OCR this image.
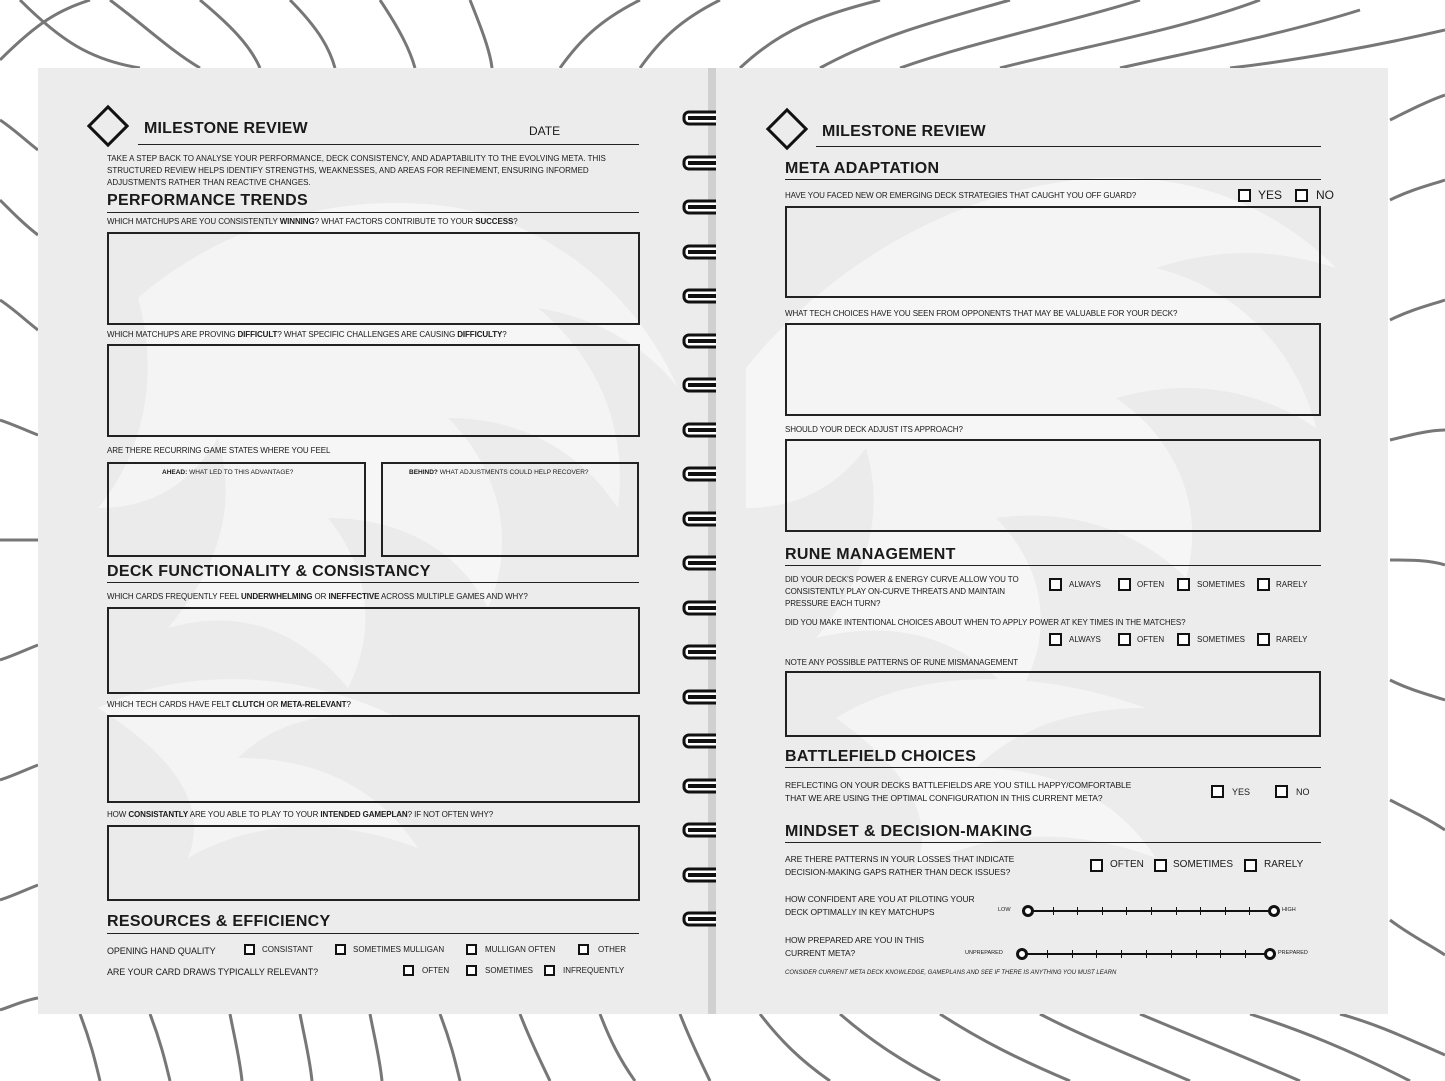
MILESTONE REVIEW	DATE
TAKE A STEP BACK TO ANALYSE YOUR PERFORMANCE, DECK CONSISTENCY, AND ADAPTABILITY TO THE EVOLVING META. THIS STRUCTURED REVIEW HELPS IDENTIFY STRENGTHS, WEAKNESSES, AND AREAS FOR REFINEMENT, ENSURING INFORMED ADJUSTMENTS RATHER THAN REACTIVE CHANGES.
PERFORMANCE TRENDS
WHICH MATCHUPS ARE YOU CONSISTENTLY WINNING? WHAT FACTORS CONTRIBUTE TO YOUR SUCCESS?
WHICH MATCHUPS ARE PROVING DIFFICULT? WHAT SPECIFIC CHALLENGES ARE CAUSING DIFFICULTY?
ARE THERE RECURRING GAME STATES WHERE YOU FEEL
AHEAD: WHAT LED TO THIS ADVANTAGE?	BEHIND? WHAT ADJUSTMENTS COULD HELP RECOVER?
DECK FUNCTIONALITY & CONSISTANCY
WHICH CARDS FREQUENTLY FEEL UNDERWHELMING OR INEFFECTIVE ACROSS MULTIPLE GAMES AND WHY?
WHICH TECH CARDS HAVE FELT CLUTCH OR META-RELEVANT?
HOW CONSISTANTLY ARE YOU ABLE TO PLAY TO YOUR INTENDED GAMEPLAN? IF NOT OFTEN WHY?
RESOURCES & EFFICIENCY
OPENING HAND QUALITY	CONSISTANT	SOMETIMES MULLIGAN	MULLIGAN OFTEN	OTHER
ARE YOUR CARD DRAWS TYPICALLY RELEVANT?	OFTEN	SOMETIMES	INFREQUENTLY
MILESTONE REVIEW
META ADAPTATION
HAVE YOU FACED NEW OR EMERGING DECK STRATEGIES THAT CAUGHT YOU OFF GUARD?	YES	NO
WHAT TECH CHOICES HAVE YOU SEEN FROM OPPONENTS THAT MAY BE VALUABLE FOR YOUR DECK?
SHOULD YOUR DECK ADJUST ITS APPROACH?
RUNE MANAGEMENT
DID YOUR DECK'S POWER & ENERGY CURVE ALLOW YOU TO
CONSISTENTLY PLAY ON-CURVE THREATS AND MAINTAIN
PRESSURE EACH TURN?
ALWAYS	OFTEN	SOMETIMES	RARELY
DID YOU MAKE INTENTIONAL CHOICES ABOUT WHEN TO APPLY POWER AT KEY TIMES IN THE MATCHES?
ALWAYS	OFTEN	SOMETIMES	RARELY
NOTE ANY POSSIBLE PATTERNS OF RUNE MISMANAGEMENT
BATTLEFIELD CHOICES
REFLECTING ON YOUR DECKS BATTLEFIELDS ARE YOU STILL HAPPY/COMFORTABLE
THAT WE ARE USING THE OPTIMAL CONFIGURATION IN THIS CURRENT META?
YES	NO
MINDSET & DECISION-MAKING
ARE THERE PATTERNS IN YOUR LOSSES THAT INDICATE
DECISION-MAKING GAPS RATHER THAN DECK ISSUES?
OFTEN	SOMETIMES	RARELY
HOW CONFIDENT ARE YOU AT PILOTING YOUR
DECK OPTIMALLY IN KEY MATCHUPS	LOW	HIGH
HOW PREPARED ARE YOU IN THIS
CURRENT META?	UNPREPARED	PREPARED
CONSIDER CURRENT META DECK KNOWLEDGE, GAMEPLANS AND SEE IF THERE IS ANYTHING YOU MUST LEARN
